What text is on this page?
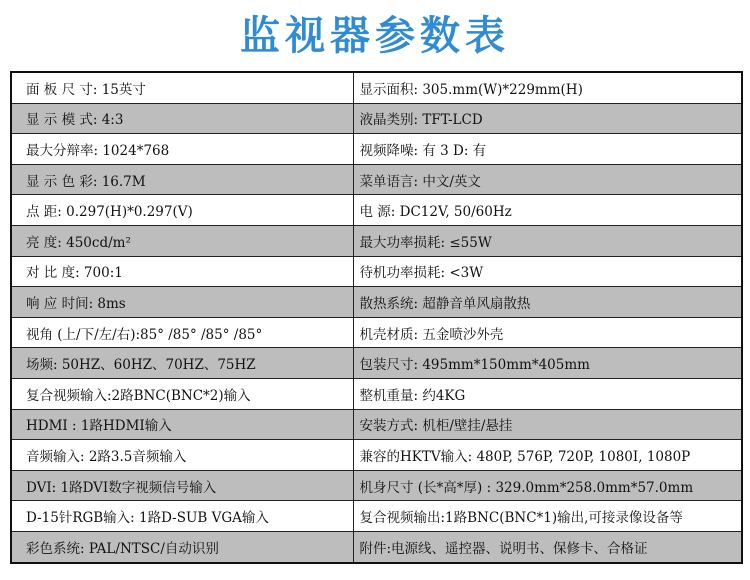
监视器参数表
面 板 尺 寸: 15英寸	显示面积: 305.mm(W)*229mm(H)
显 示 模 式: 4:3	液晶类别: TFT-LCD
最大分辩率: 1024*768	视频降噪: 有 3 D: 有
显 示 色 彩: 16.7M	菜单语言: 中文/英文
点 距: 0.297(H)*0.297(V)	电 源: DC12V, 50/60Hz
亮 度: 450cd/m²	最大功率损耗: ≤55W
对 比 度: 700:1	待机功率损耗: <3W
响 应 时间: 8ms	散热系统: 超静音单风扇散热
视角 (上/下/左/右):85° /85° /85° /85°	机壳材质: 五金喷沙外壳
场频: 50HZ、60HZ、70HZ、75HZ	包装尺寸: 495mm*150mm*405mm
复合视频输入:2路BNC(BNC*2)输入	整机重量: 约4KG
HDMI : 1路HDMI输入	安装方式: 机柜/壁挂/悬挂
音频输入: 2路3.5音频输入	兼容的HKTV输入: 480P, 576P, 720P, 1080I, 1080P
DVI: 1路DVI数字视频信号输入	机身尺寸 (长*高*厚) : 329.0mm*258.0mm*57.0mm
D-15针RGB输入: 1路D-SUB VGA输入	复合视频输出:1路BNC(BNC*1)输出,可接录像设备等
彩色系统: PAL/NTSC/自动识别	附件:电源线、遥控器、说明书、保修卡、合格证
